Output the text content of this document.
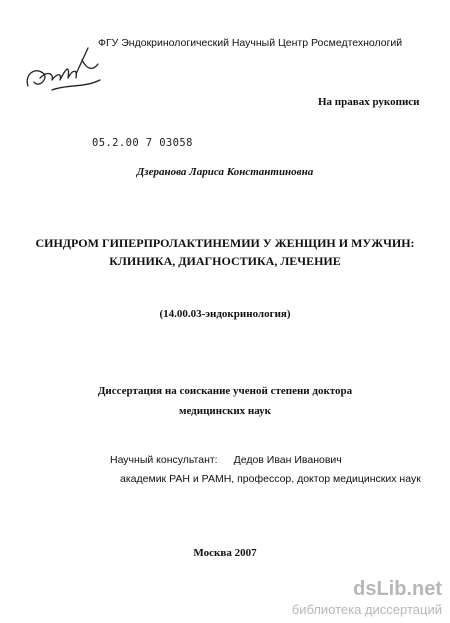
ФГУ Эндокринологический Научный Центр Росмедтехнологий
На правах рукописи
05.2.00 7 03058
Дзеранова Лариса Константиновна
СИНДРОМ ГИПЕРПРОЛАКТИНЕМИИ У ЖЕНЩИН И МУЖЧИН:
КЛИНИКА, ДИАГНОСТИКА, ЛЕЧЕНИЕ
(14.00.03-эндокринология)
Диссертация на соискание ученой степени доктора
медицинских наук
Научный консультант: Дедов Иван Иванович
академик РАН и РАМН, профессор, доктор медицинских наук
Москва 2007
dsLib.net
библиотека диссертаций
